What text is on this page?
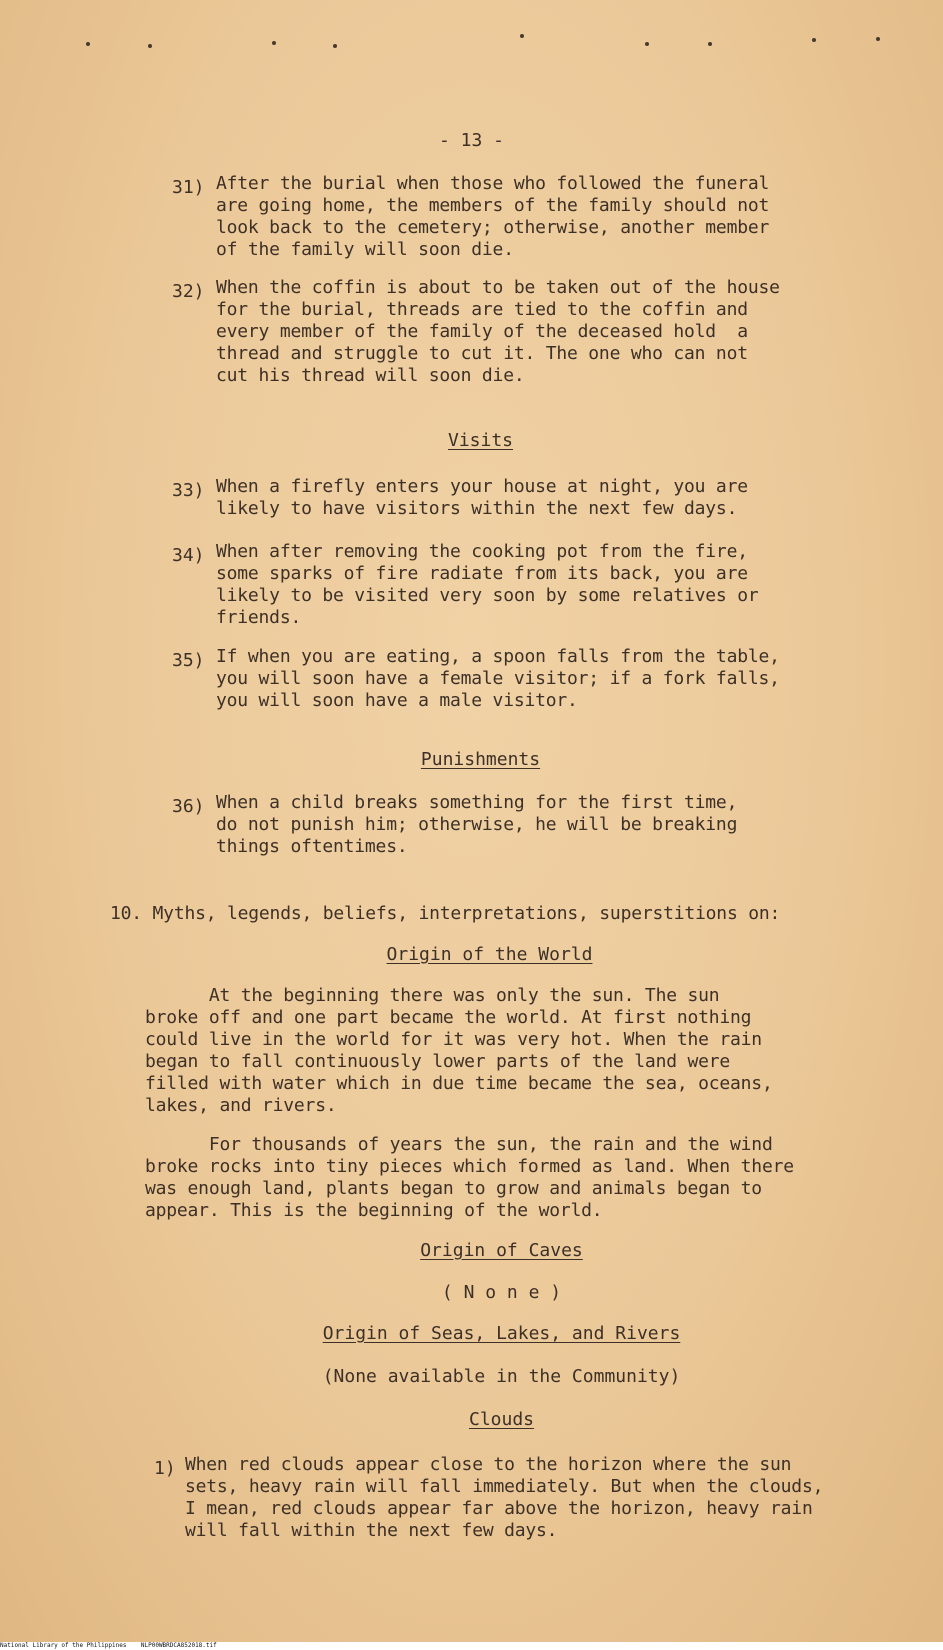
- 13 -
31) After the burial when those who followed the funeral
are going home, the members of the family should not
look back to the cemetery; otherwise, another member
of the family will soon die.
32) When the coffin is about to be taken out of the house
for the burial, threads are tied to the coffin and
every member of the family of the deceased hold  a
thread and struggle to cut it. The one who can not
cut his thread will soon die.
Visits
33) When a firefly enters your house at night, you are
likely to have visitors within the next few days.
34) When after removing the cooking pot from the fire,
some sparks of fire radiate from its back, you are
likely to be visited very soon by some relatives or
friends.
35) If when you are eating, a spoon falls from the table,
you will soon have a female visitor; if a fork falls,
you will soon have a male visitor.
Punishments
36) When a child breaks something for the first time,
do not punish him; otherwise, he will be breaking
things oftentimes.
10. Myths, legends, beliefs, interpretations, superstitions on:
Origin of the World
At the beginning there was only the sun. The sun
broke off and one part became the world. At first nothing
could live in the world for it was very hot. When the rain
began to fall continuously lower parts of the land were
filled with water which in due time became the sea, oceans,
lakes, and rivers.
For thousands of years the sun, the rain and the wind
broke rocks into tiny pieces which formed as land. When there
was enough land, plants began to grow and animals began to
appear. This is the beginning of the world.
Origin of Caves
( N o n e )
Origin of Seas, Lakes, and Rivers
(None available in the Community)
Clouds
1) When red clouds appear close to the horizon where the sun
sets, heavy rain will fall immediately. But when the clouds,
I mean, red clouds appear far above the horizon, heavy rain
will fall within the next few days.
National Library of the Philippines    NLP00WBRDCA852018.tif
